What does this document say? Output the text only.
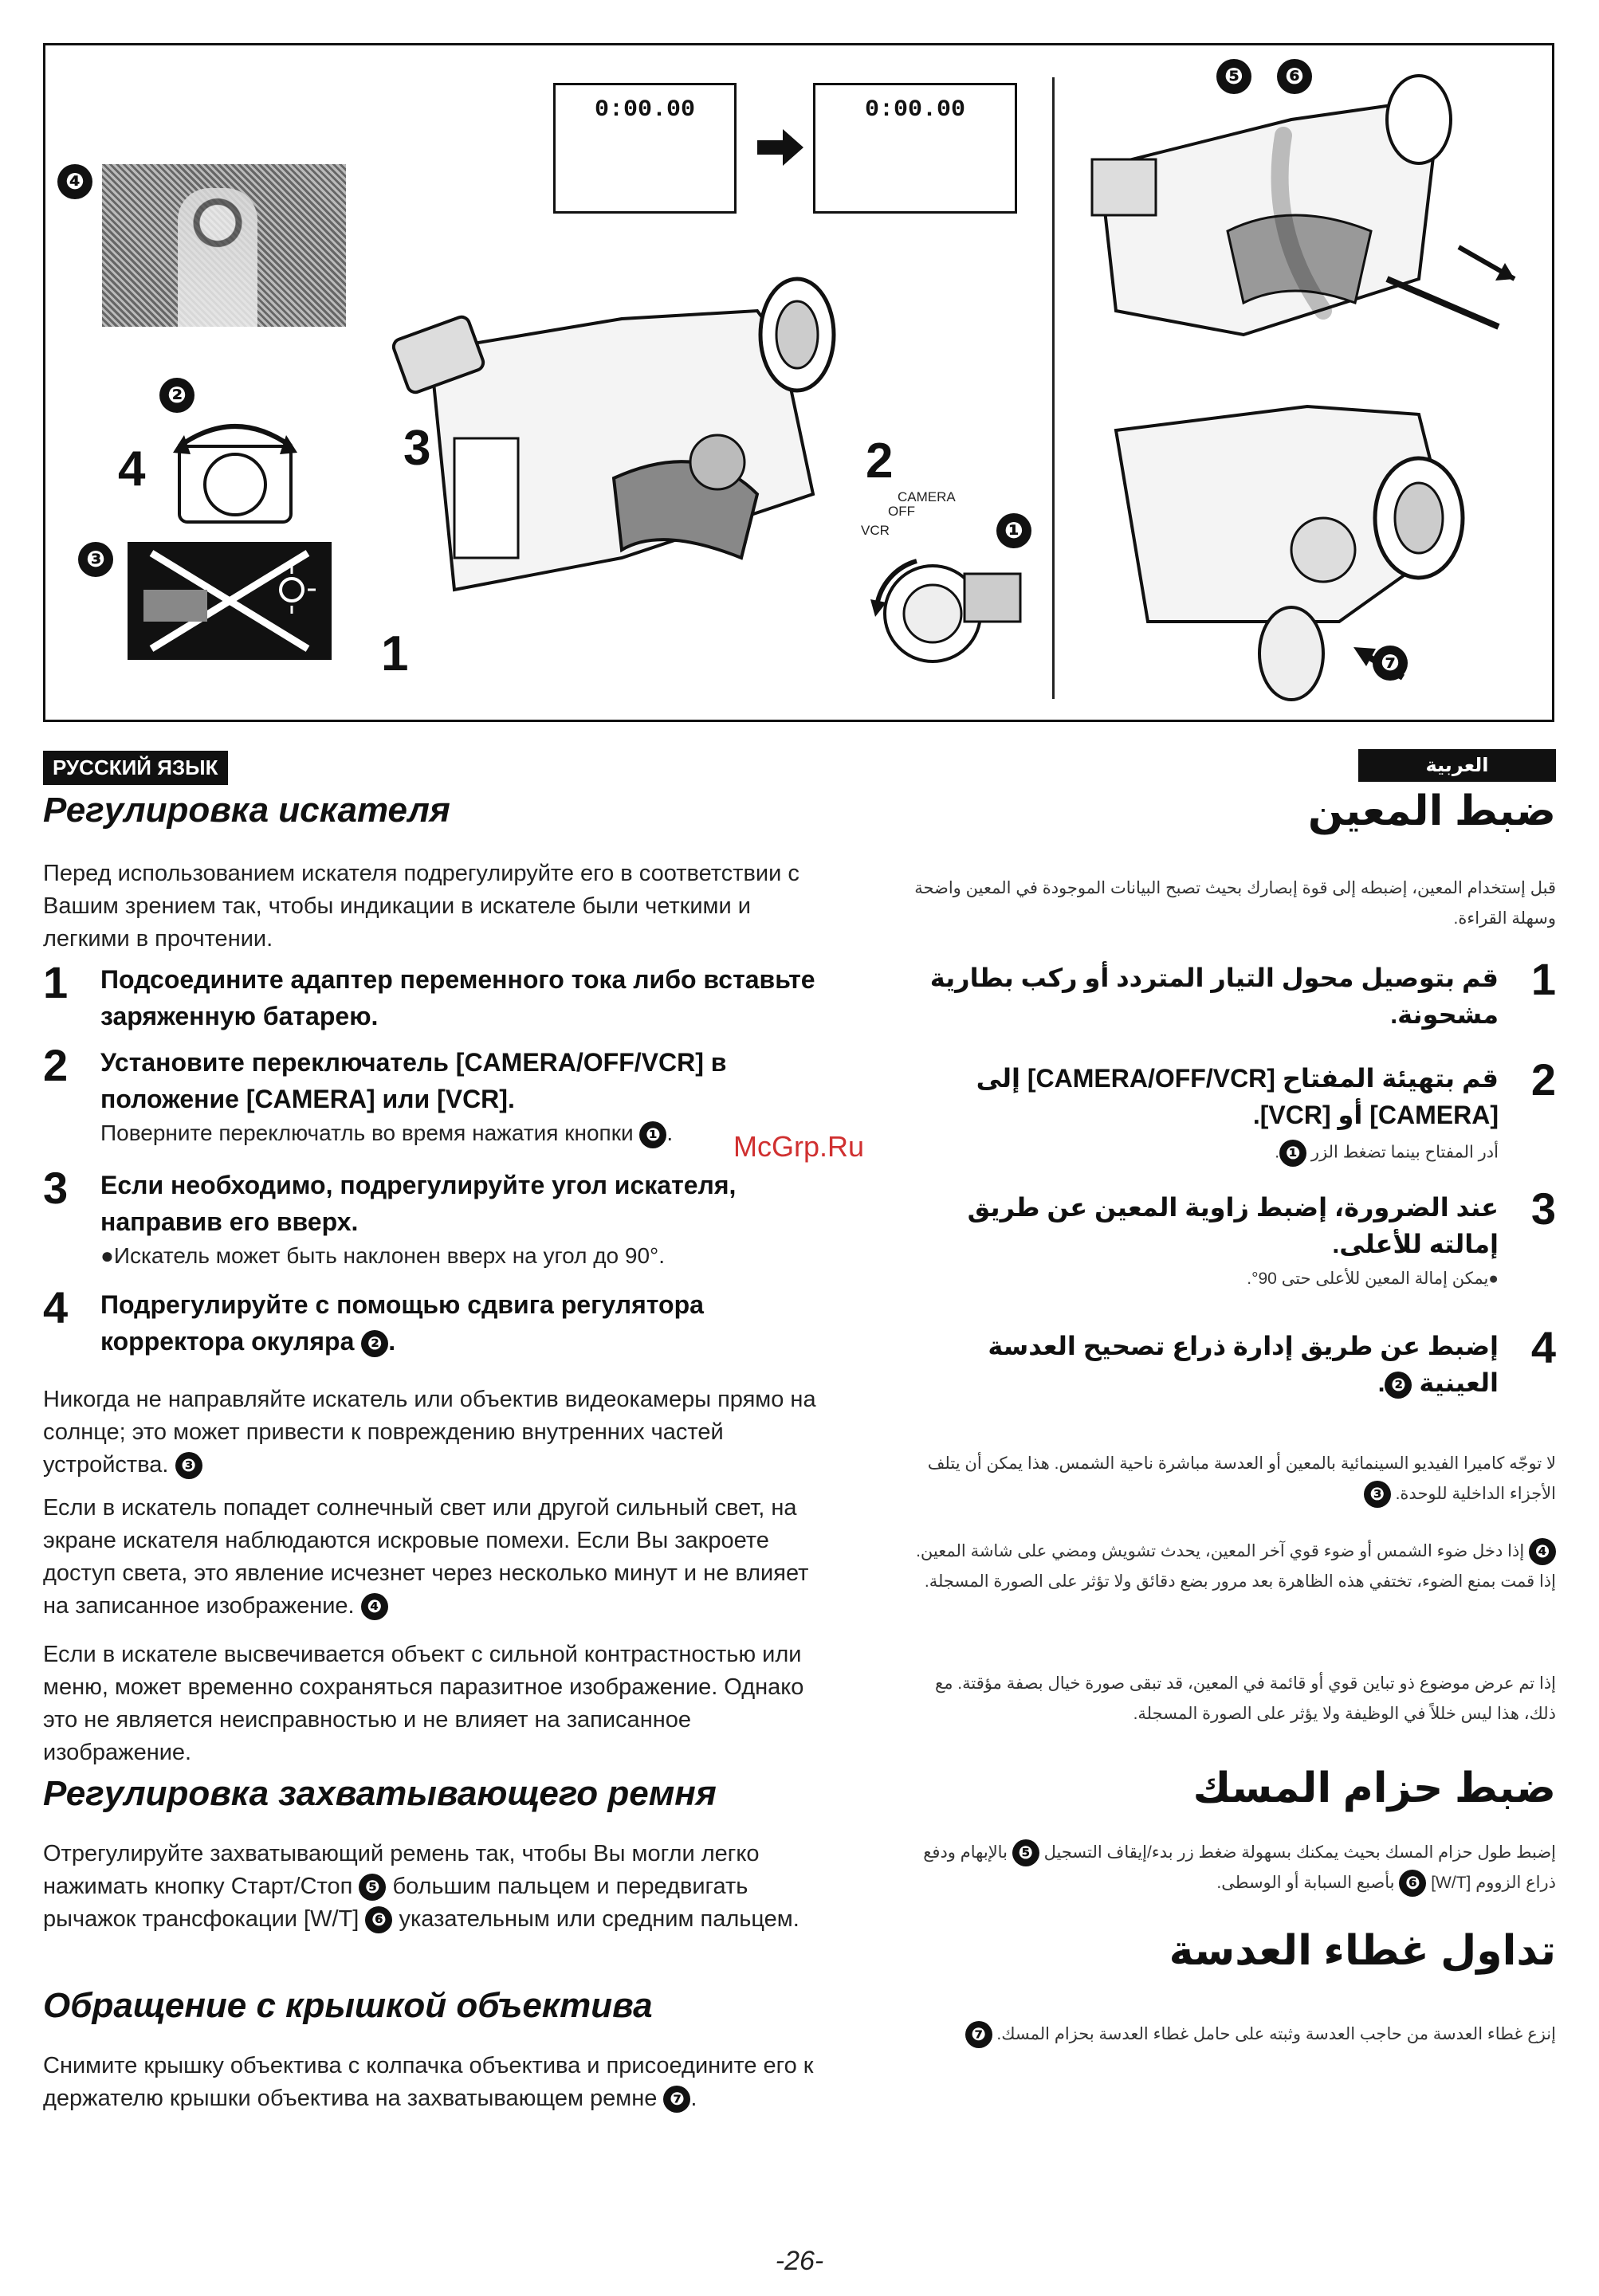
0:00.00	0:00.00
❹
❷
4
❸
3
1
2
CAMERA
OFF
VCR	❶
❺	❻
❼
РУССКИЙ ЯЗЫК
Регулировка искателя
Перед использованием искателя подрегулируйте его в соответствии с Вашим зрением так, чтобы индикации в искателе были четкими и легкими в прочтении.
1 Подсоедините адаптер переменного тока либо вставьте заряженную батарею.
2 Установите переключатель [CAMERA/OFF/VCR] в положение [CAMERA] или [VCR].
Поверните переключатль во время нажатия кнопки ❶ .
3 Если необходимо, подрегулируйте угол искателя, направив его вверх.
●Искатель может быть наклонен вверх на угол до 90°.
4 Подрегулируйте с помощью сдвига регулятора корректора окуляра ❷ .
Никогда не направляйте искатель или объектив видеокамеры прямо на солнце; это может привести к повреждению внутренних частей устройства. ❸
Если в искатель попадет солнечный свет или другой сильный свет, на экране искателя наблюдаются искровые помехи. Если Вы закроете доступ света, это явление исчезнет через несколько минут и не влияет на записанное изображение. ❹
Если в искателе высвечивается объект с сильной контрастностью или меню, может временно сохраняться паразитное изображение. Однако это не является неисправностью и не влияет на записанное изображение.
Регулировка захватывающего ремня
Отрегулируйте захватывающий ремень так, чтобы Вы могли легко нажимать кнопку Старт/Стоп ❺ большим пальцем и передвигать рычажок трансфокации [W/T] ❻ указательным или средним пальцем.
Обращение с крышкой объектива
Снимите крышку объектива с колпачка объектива и присоедините его к держателю крышки объектива на захватывающем ремне ❼ .
العربية
ضبط المعين
قبل إستخدام المعين، إضبطه إلى قوة إبصارك بحيث تصبح البيانات الموجودة في المعين واضحة وسهلة القراءة.
1
قم بتوصيل محول التيار المتردد أو ركب بطارية مشحونة.
2
قم بتهيئة المفتاح [CAMERA/OFF/VCR] إلى [CAMERA] أو [VCR].
أدر المفتاح بينما تضغط الزر ❶.
3
عند الضرورة، إضبط زاوية المعين عن طريق إمالته للأعلى.
●يمكن إمالة المعين للأعلى حتى 90°.
4
إضبط عن طريق إدارة ذراع تصحيح العدسة العينية ❷.
لا توجّه كاميرا الفيديو السينمائية بالمعين أو العدسة مباشرة ناحية الشمس. هذا يمكن أن يتلف الأجزاء الداخلية للوحدة. ❸
❹ إذا دخل ضوء الشمس أو ضوء قوي آخر المعين، يحدث تشويش ومضي على شاشة المعين. إذا قمت بمنع الضوء، تختفي هذه الظاهرة بعد مرور بضع دقائق ولا تؤثر على الصورة المسجلة.
إذا تم عرض موضوع ذو تباين قوي أو قائمة في المعين، قد تبقى صورة خيال بصفة مؤقتة. مع ذلك، هذا ليس خللاً في الوظيفة ولا يؤثر على الصورة المسجلة.
ضبط حزام المسك
إضبط طول حزام المسك بحيث يمكنك بسهولة ضغط زر بدء/إيقاف التسجيل ❺ بالإبهام ودفع ذراع الزووم [W/T] ❻ بأصبع السبابة أو الوسطى.
تداول غطاء العدسة
إنزع غطاء العدسة من حاجب العدسة وثبته على حامل غطاء العدسة بحزام المسك. ❼
McGrp.Ru
-26-
